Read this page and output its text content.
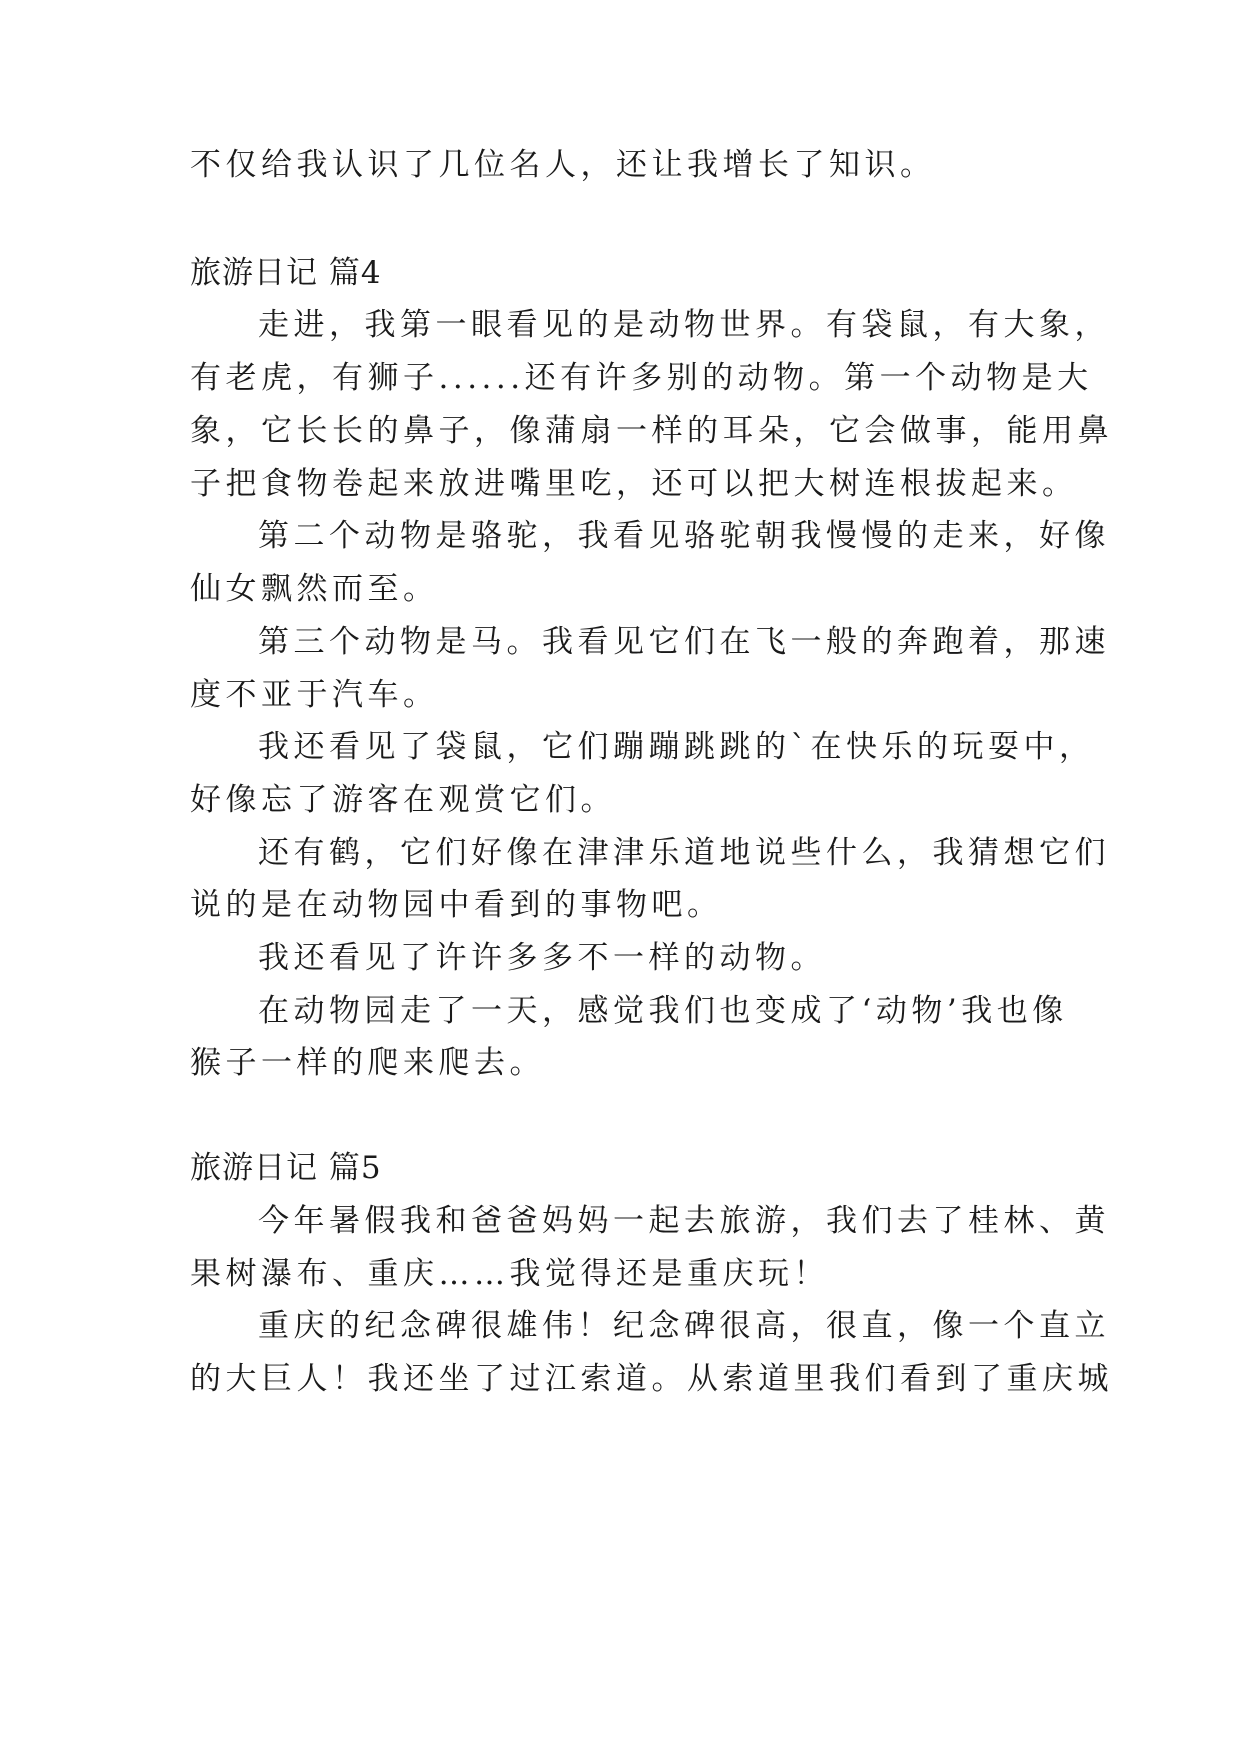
不仅给我认识了几位名人，还让我增长了知识。
旅游日记 篇4
走进，我第一眼看见的是动物世界。有袋鼠，有大象，
有老虎，有狮子......还有许多别的动物。第一个动物是大
象，它长长的鼻子，像蒲扇一样的耳朵，它会做事，能用鼻
子把食物卷起来放进嘴里吃，还可以把大树连根拔起来。
第二个动物是骆驼，我看见骆驼朝我慢慢的走来，好像
仙女飘然而至。
第三个动物是马。我看见它们在飞一般的奔跑着，那速
度不亚于汽车。
我还看见了袋鼠，它们蹦蹦跳跳的`在快乐的玩耍中，
好像忘了游客在观赏它们。
还有鹤，它们好像在津津乐道地说些什么，我猜想它们
说的是在动物园中看到的事物吧。
我还看见了许许多多不一样的动物。
在动物园走了一天，感觉我们也变成了‘动物’我也像
猴子一样的爬来爬去。
旅游日记 篇5
今年暑假我和爸爸妈妈一起去旅游，我们去了桂林、黄
果树瀑布、重庆……我觉得还是重庆玩！
重庆的纪念碑很雄伟！纪念碑很高，很直，像一个直立
的大巨人！我还坐了过江索道。从索道里我们看到了重庆城
